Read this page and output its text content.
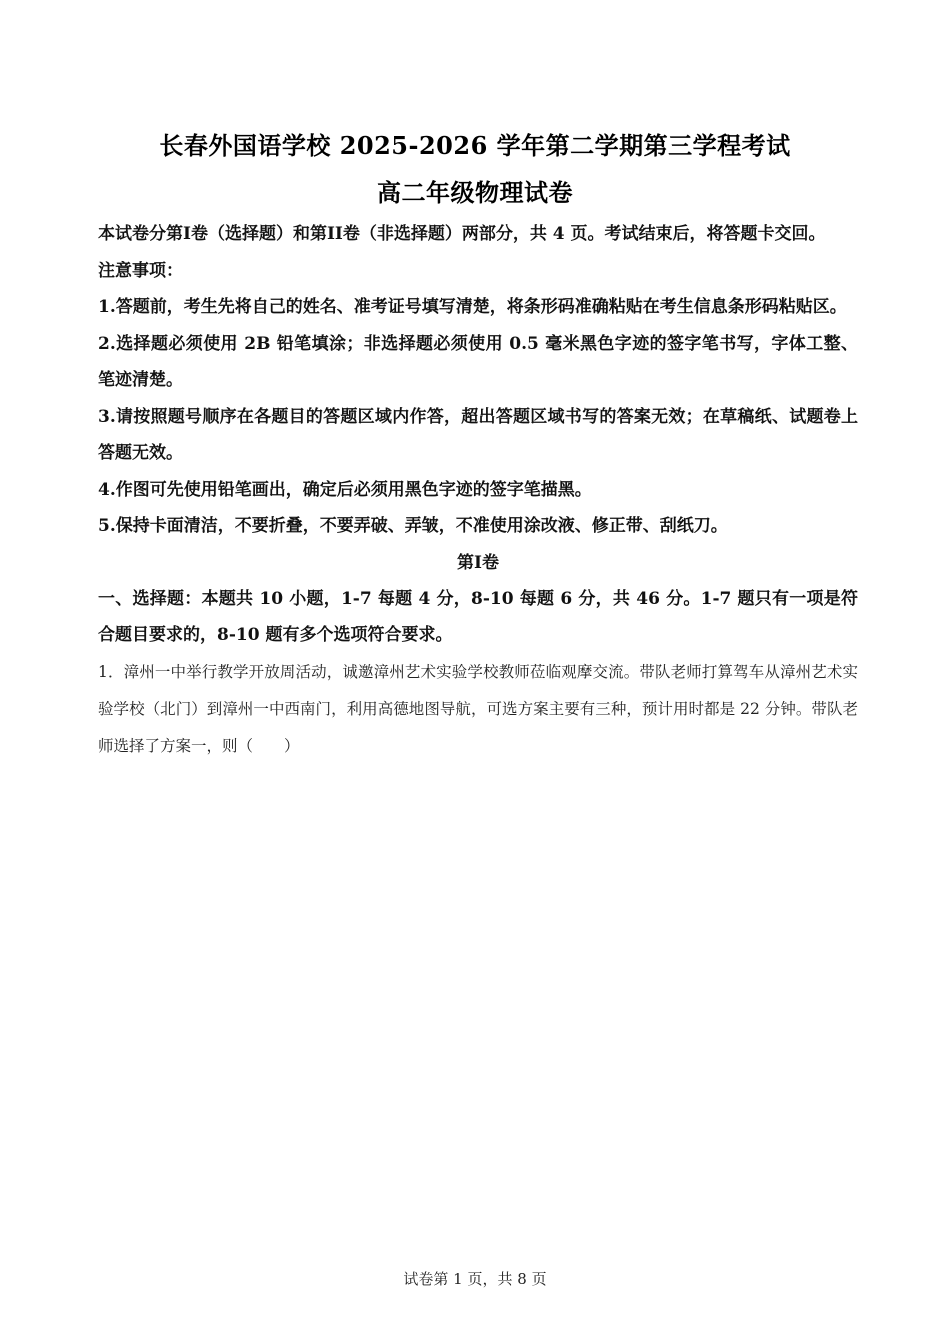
长春外国语学校 2025-2026 学年第二学期第三学程考试
高二年级物理试卷

本试卷分第I卷（选择题）和第II卷（非选择题）两部分，共 4 页。考试结束后，将答题卡交回。

注意事项：

1.答题前，考生先将自己的姓名、准考证号填写清楚，将条形码准确粘贴在考生信息条形码粘贴区。

2.选择题必须使用 2B 铅笔填涂；非选择题必须使用 0.5 毫米黑色字迹的签字笔书写，字体工整、笔迹清楚。

3.请按照题号顺序在各题目的答题区域内作答，超出答题区域书写的答案无效；在草稿纸、试题卷上答题无效。

4.作图可先使用铅笔画出，确定后必须用黑色字迹的签字笔描黑。

5.保持卡面清洁，不要折叠，不要弄破、弄皱，不准使用涂改液、修正带、刮纸刀。

第I卷

一、选择题：本题共 10 小题，1-7 每题 4 分，8-10 每题 6 分，共 46 分。1-7 题只有一项是符合题目要求的，8-10 题有多个选项符合要求。

1．漳州一中举行教学开放周活动，诚邀漳州艺术实验学校教师莅临观摩交流。带队老师打算驾车从漳州艺术实验学校（北门）到漳州一中西南门，利用高德地图导航，可选方案主要有三种，预计用时都是 22 分钟。带队老师选择了方案一，则（　　）

试卷第 1 页，共 8 页
